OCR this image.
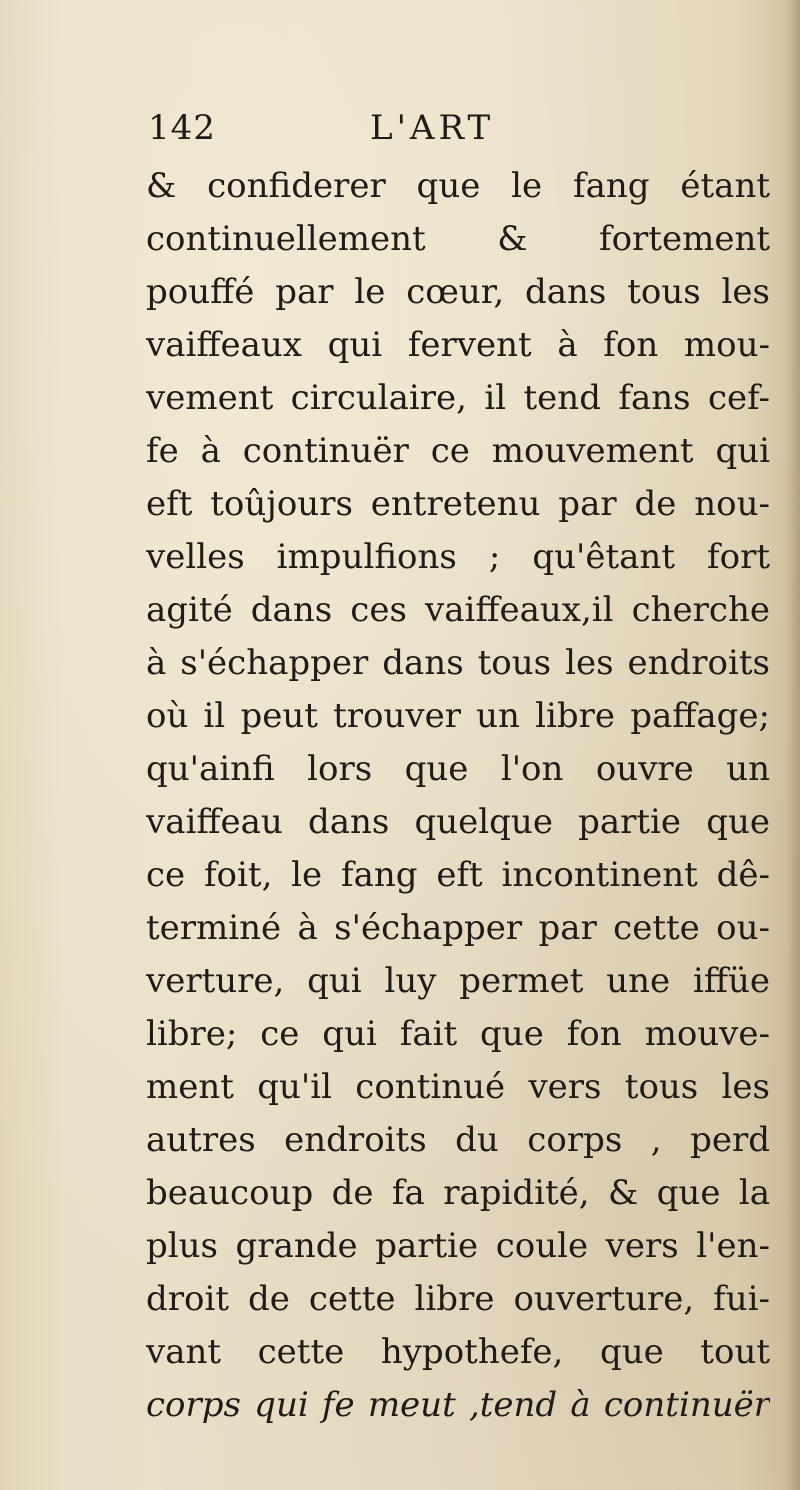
142	L'ART
& confiderer que le fang étant
continuellement & fortement
pouffé par le cœur, dans tous les
vaiffeaux qui fervent à fon mou-
vement circulaire, il tend fans cef-
fe à continuër ce mouvement qui
eft toûjours entretenu par de nou-
velles impulfions ; qu'êtant fort
agité dans ces vaiffeaux,il cherche
à s'échapper dans tous les endroits
où il peut trouver un libre paffage;
qu'ainfi lors que l'on ouvre un
vaiffeau dans quelque partie que
ce foit, le fang eft incontinent dê-
terminé à s'échapper par cette ou-
verture, qui luy permet une iffüe
libre; ce qui fait que fon mouve-
ment qu'il continué vers tous les
autres endroits du corps , perd
beaucoup de fa rapidité, & que la
plus grande partie coule vers l'en-
droit de cette libre ouverture, fui-
vant cette hypothefe, que tout
corps qui fe meut ,tend à continuër
